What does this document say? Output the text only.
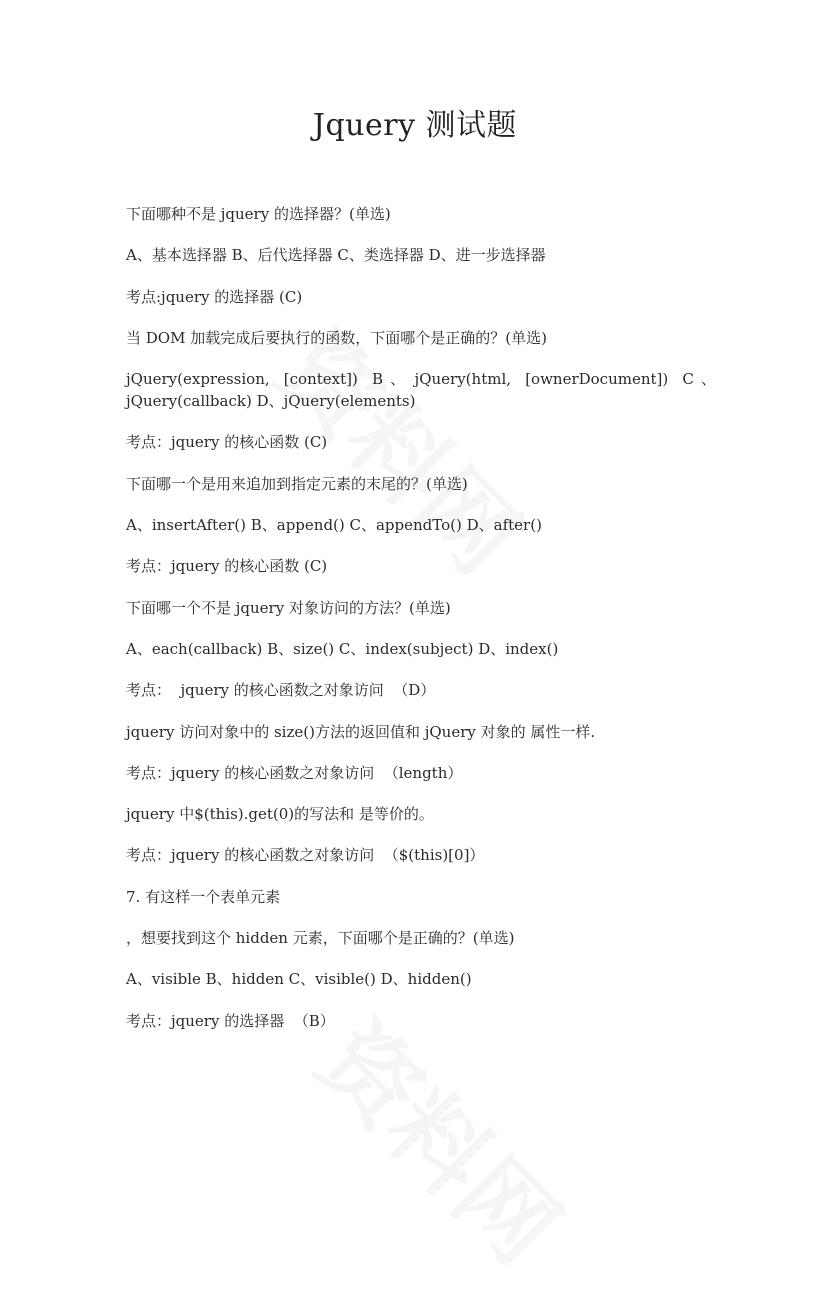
Jquery 测试题

下面哪种不是 jquery 的选择器？(单选)

A、基本选择器 B、后代选择器 C、类选择器 D、进一步选择器

考点:jquery 的选择器 (C)

当 DOM 加载完成后要执行的函数，下面哪个是正确的？(单选)

jQuery(expression,  [context])  B 、 jQuery(html,  [ownerDocument])  C 、 jQuery(callback) D、jQuery(elements)

考点：jquery 的核心函数 (C)

下面哪一个是用来追加到指定元素的末尾的？(单选)

A、insertAfter() B、append() C、appendTo() D、after()

考点：jquery 的核心函数 (C)

下面哪一个不是 jquery 对象访问的方法？(单选)

A、each(callback) B、size() C、index(subject) D、index()

考点：  jquery 的核心函数之对象访问  （D）

jquery 访问对象中的 size()方法的返回值和 jQuery 对象的 属性一样.

考点：jquery 的核心函数之对象访问  （length）

jquery 中$(this).get(0)的写法和 是等价的。

考点：jquery 的核心函数之对象访问  （$(this)[0]）

7. 有这样一个表单元素

，想要找到这个 hidden 元素，下面哪个是正确的？(单选)

A、visible B、hidden C、visible() D、hidden()

考点：jquery 的选择器  （B）
